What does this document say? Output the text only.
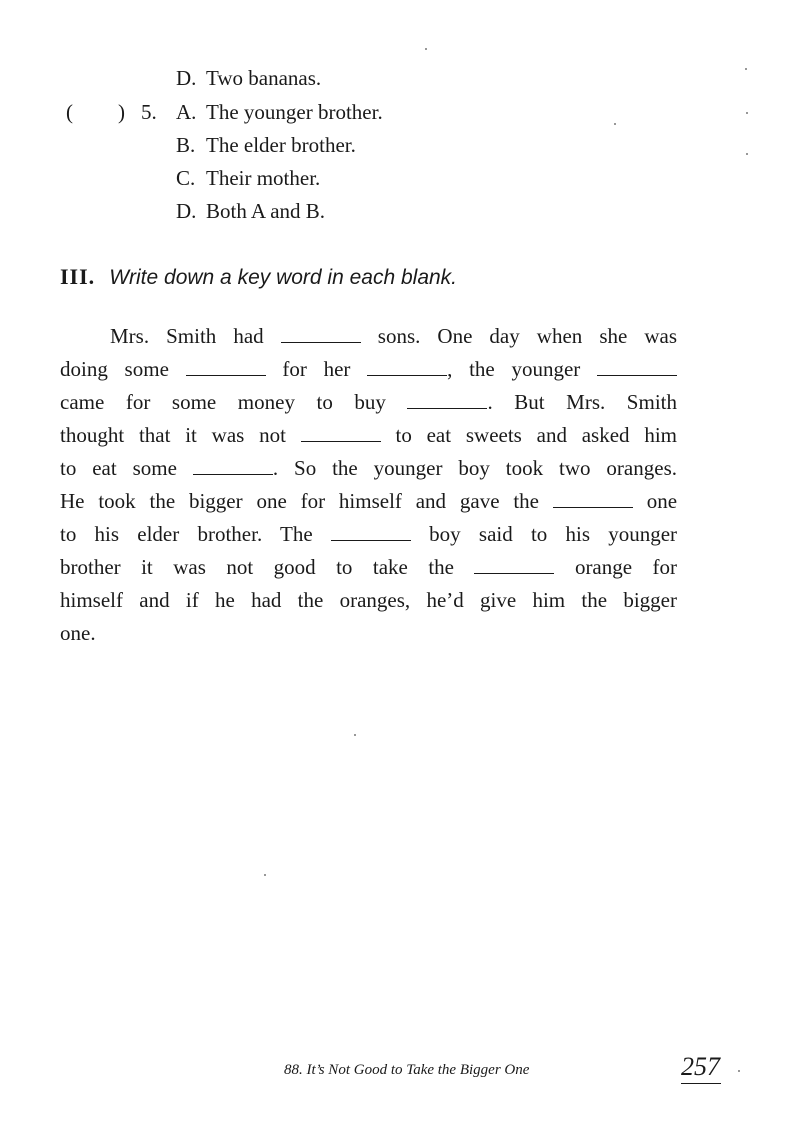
D. Two bananas.
( ) 5. A. The younger brother.
B. The elder brother.
C. Their mother.
D. Both A and B.
III. Write down a key word in each blank.
Mrs. Smith had	sons. One day when she was
doing some	for her	, the younger
came for some money to buy	. But Mrs. Smith
thought that it was not	to eat sweets and asked him
to eat some	. So the younger boy took two oranges.
He took the bigger one for himself and gave the	one
to his elder brother. The	boy said to his younger
brother it was not good to take the	orange for
himself and if he had the oranges, he’d give him the bigger
one.
88. It’s Not Good to Take the Bigger One	257
